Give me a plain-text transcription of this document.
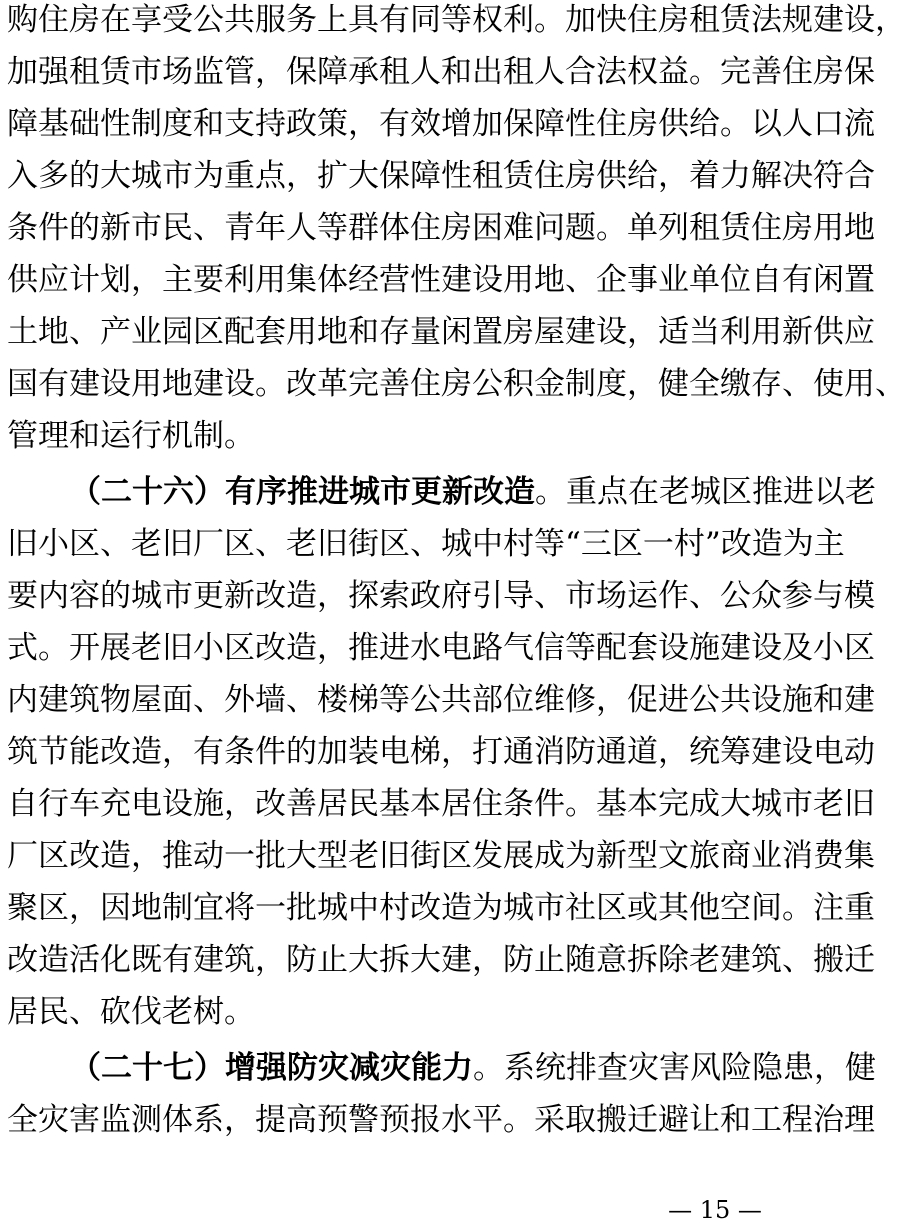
购住房在享受公共服务上具有同等权利。加快住房租赁法规建设，
加强租赁市场监管，保障承租人和出租人合法权益。完善住房保
障基础性制度和支持政策，有效增加保障性住房供给。以人口流
入多的大城市为重点，扩大保障性租赁住房供给，着力解决符合
条件的新市民、青年人等群体住房困难问题。单列租赁住房用地
供应计划，主要利用集体经营性建设用地、企事业单位自有闲置
土地、产业园区配套用地和存量闲置房屋建设，适当利用新供应
国有建设用地建设。改革完善住房公积金制度，健全缴存、使用、
管理和运行机制。
（二十六）有序推进城市更新改造。重点在老城区推进以老
旧小区、老旧厂区、老旧街区、城中村等“三区一村”改造为主
要内容的城市更新改造，探索政府引导、市场运作、公众参与模
式。开展老旧小区改造，推进水电路气信等配套设施建设及小区
内建筑物屋面、外墙、楼梯等公共部位维修，促进公共设施和建
筑节能改造，有条件的加装电梯，打通消防通道，统筹建设电动
自行车充电设施，改善居民基本居住条件。基本完成大城市老旧
厂区改造，推动一批大型老旧街区发展成为新型文旅商业消费集
聚区，因地制宜将一批城中村改造为城市社区或其他空间。注重
改造活化既有建筑，防止大拆大建，防止随意拆除老建筑、搬迁
居民、砍伐老树。
（二十七）增强防灾减灾能力。系统排查灾害风险隐患，健
全灾害监测体系，提高预警预报水平。采取搬迁避让和工程治理
— 15 —
